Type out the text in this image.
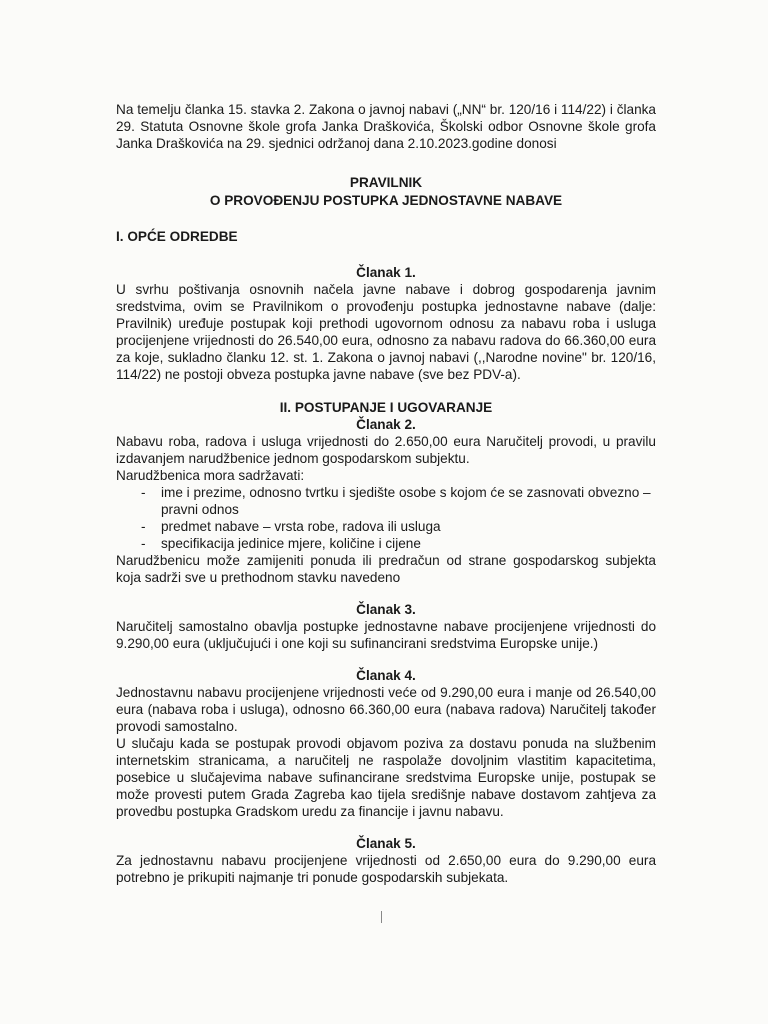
Na temelju članka 15. stavka 2. Zakona o javnoj nabavi („NN“ br. 120/16 i 114/22) i članka 29. Statuta Osnovne škole grofa Janka Draškovića, Školski odbor Osnovne škole grofa Janka Draškovića na 29. sjednici održanoj dana 2.10.2023.godine donosi

PRAVILNIK
O PROVOĐENJU POSTUPKA JEDNOSTAVNE NABAVE
I. OPĆE ODREDBE
Članak 1.

U svrhu poštivanja osnovnih načela javne nabave i dobrog gospodarenja javnim sredstvima, ovim se Pravilnikom o provođenju postupka jednostavne nabave (dalje: Pravilnik) uređuje postupak koji prethodi ugovornom odnosu za nabavu roba i usluga procijenjene vrijednosti do 26.540,00 eura, odnosno za nabavu radova do 66.360,00 eura za koje, sukladno članku 12. st. 1. Zakona o javnoj nabavi (,,Narodne novine" br. 120/16, 114/22) ne postoji obveza postupka javne nabave (sve bez PDV-a).

II. POSTUPANJE I UGOVARANJE
Članak 2.

Nabavu roba, radova i usluga vrijednosti do 2.650,00 eura Naručitelj provodi, u pravilu izdavanjem narudžbenice jednom gospodarskom subjektu.

Narudžbenica mora sadržavati:

- ime i prezime, odnosno tvrtku i sjedište osobe s kojom će se zasnovati obvezno – pravni odnos
- predmet nabave – vrsta robe, radova ili usluga
- specifikacija jedinice mjere, količine i cijene

Narudžbenicu može zamijeniti ponuda ili predračun od strane gospodarskog subjekta koja sadrži sve u prethodnom stavku navedeno

Članak 3.

Naručitelj samostalno obavlja postupke jednostavne nabave procijenjene vrijednosti do 9.290,00 eura (uključujući i one koji su sufinancirani sredstvima Europske unije.)

Članak 4.

Jednostavnu nabavu procijenjene vrijednosti veće od 9.290,00 eura i manje od 26.540,00 eura (nabava roba i usluga), odnosno 66.360,00 eura (nabava radova) Naručitelj također provodi samostalno.

U slučaju kada se postupak provodi objavom poziva za dostavu ponuda na službenim internetskim stranicama, a naručitelj ne raspolaže dovoljnim vlastitim kapacitetima, posebice u slučajevima nabave sufinancirane sredstvima Europske unije, postupak se može provesti putem Grada Zagreba kao tijela središnje nabave dostavom zahtjeva za provedbu postupka Gradskom uredu za financije i javnu nabavu.

Članak 5.

Za jednostavnu nabavu procijenjene vrijednosti od 2.650,00 eura do 9.290,00 eura potrebno je prikupiti najmanje tri ponude gospodarskih subjekata.
